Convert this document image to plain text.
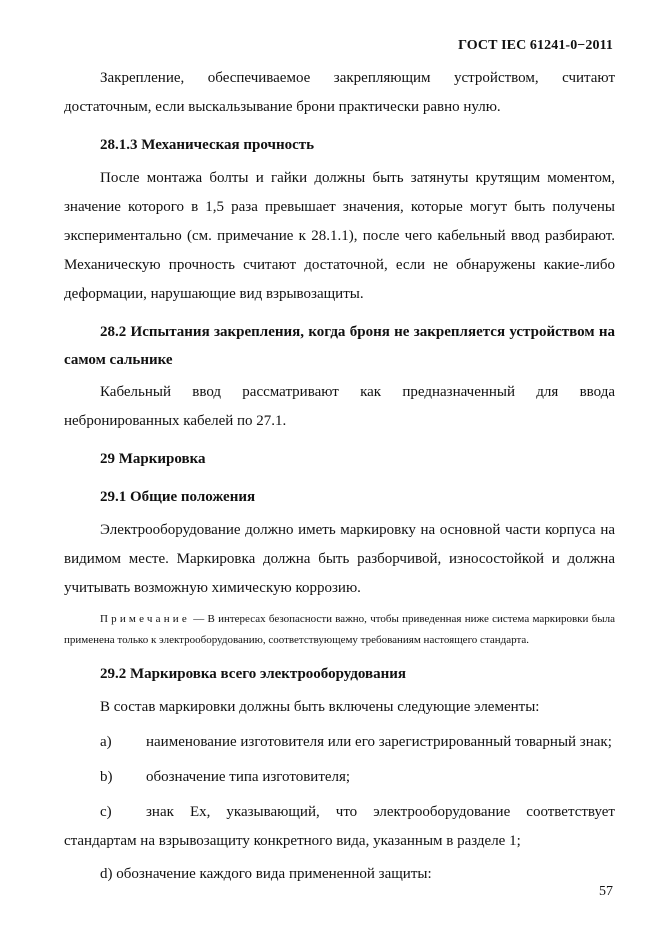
ГОСТ IEC 61241-0−2011

Закрепление, обеспечиваемое закрепляющим устройством, считают достаточным, если выскальзывание брони практически равно нулю.

28.1.3 Механическая прочность

После монтажа болты и гайки должны быть затянуты крутящим моментом, значение которого в 1,5 раза превышает значения, которые могут быть получены экспериментально (см. примечание к 28.1.1), после чего кабельный ввод разбирают. Механическую прочность считают достаточной, если не обнаружены какие-либо деформации, нарушающие вид взрывозащиты.

28.2 Испытания закрепления, когда броня не закрепляется устройством на самом сальнике

Кабельный ввод рассматривают как предназначенный для ввода небронированных кабелей по 27.1.

29 Маркировка

29.1 Общие положения

Электрооборудование должно иметь маркировку на основной части корпуса на видимом месте. Маркировка должна быть разборчивой, износостойкой и должна учитывать возможную химическую коррозию.

Примечание — В интересах безопасности важно, чтобы приведенная ниже система маркировки была применена только к электрооборудованию, соответствующему требованиям настоящего стандарта.

29.2 Маркировка всего электрооборудования

В состав маркировки должны быть включены следующие элементы:

a)	наименование изготовителя или его зарегистрированный товарный знак;
b)	обозначение типа изготовителя;

c) знак Ex, указывающий, что электрооборудование соответствует стандартам на взрывозащиту конкретного вида, указанным в разделе 1;

d) обозначение каждого вида примененной защиты:

57
